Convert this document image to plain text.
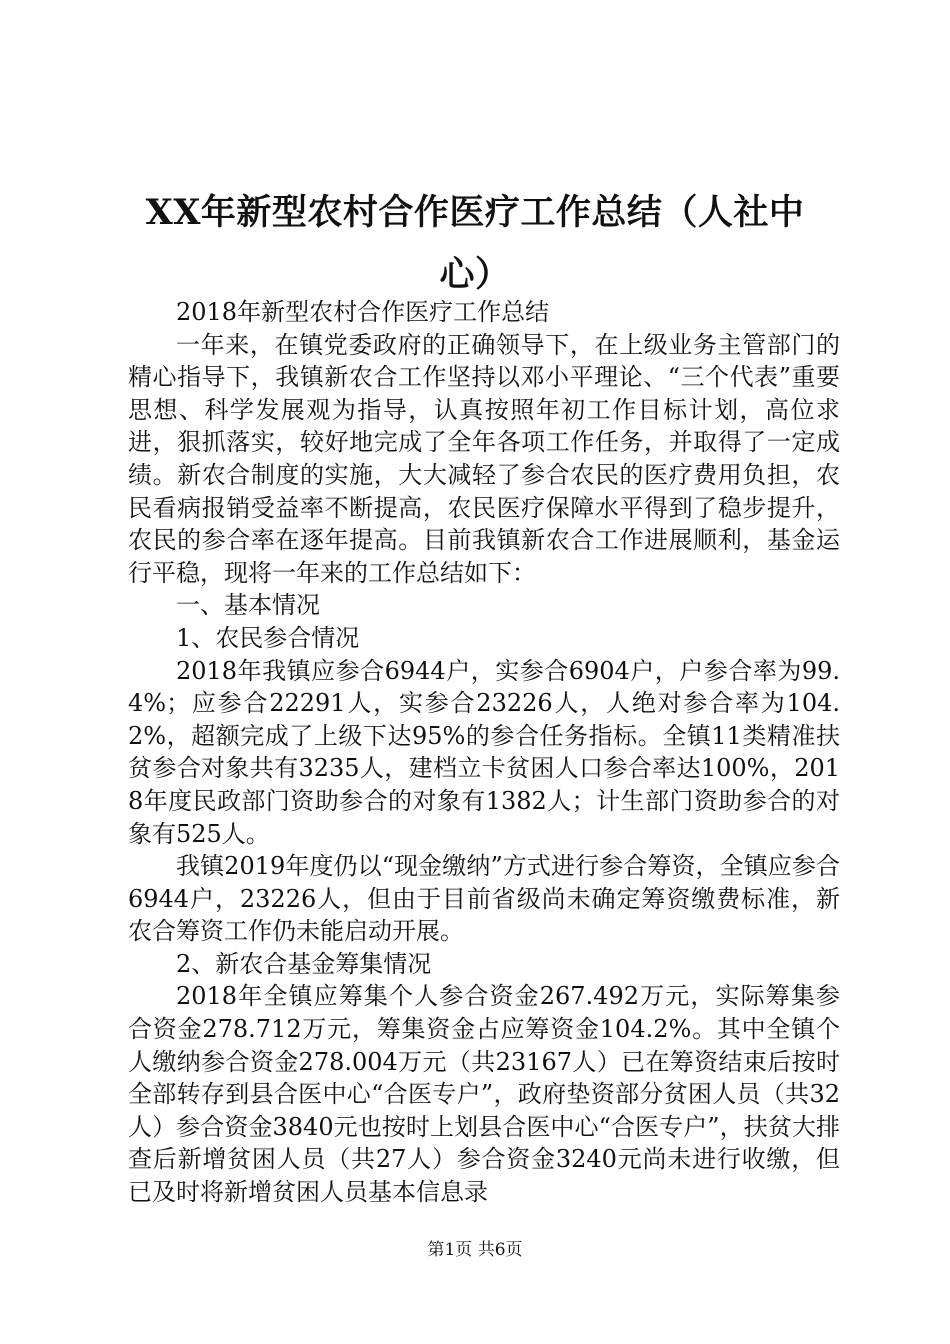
XX年新型农村合作医疗工作总结（人社中心）

2018年新型农村合作医疗工作总结

一年来，在镇党委政府的正确领导下，在上级业务主管部门的精心指导下，我镇新农合工作坚持以邓小平理论、“三个代表”重要思想、科学发展观为指导，认真按照年初工作目标计划，高位求进，狠抓落实，较好地完成了全年各项工作任务，并取得了一定成绩。新农合制度的实施，大大减轻了参合农民的医疗费用负担，农民看病报销受益率不断提高，农民医疗保障水平得到了稳步提升，农民的参合率在逐年提高。目前我镇新农合工作进展顺利，基金运行平稳，现将一年来的工作总结如下：

一、基本情况

1、农民参合情况

2018年我镇应参合6944户，实参合6904户，户参合率为99.4%；应参合22291人，实参合23226人，人绝对参合率为104.2%，超额完成了上级下达95%的参合任务指标。全镇11类精准扶贫参合对象共有3235人，建档立卡贫困人口参合率达100%，2018年度民政部门资助参合的对象有1382人；计生部门资助参合的对象有525人。

我镇2019年度仍以“现金缴纳”方式进行参合筹资，全镇应参合6944户，23226人，但由于目前省级尚未确定筹资缴费标准，新农合筹资工作仍未能启动开展。

2、新农合基金筹集情况

2018年全镇应筹集个人参合资金267.492万元，实际筹集参合资金278.712万元，筹集资金占应筹资金104.2%。其中全镇个人缴纳参合资金278.004万元（共23167人）已在筹资结束后按时全部转存到县合医中心“合医专户”，政府垫资部分贫困人员（共32人）参合资金3840元也按时上划县合医中心“合医专户”，扶贫大排查后新增贫困人员（共27人）参合资金3240元尚未进行收缴，但已及时将新增贫困人员基本信息录

第1页 共6页
